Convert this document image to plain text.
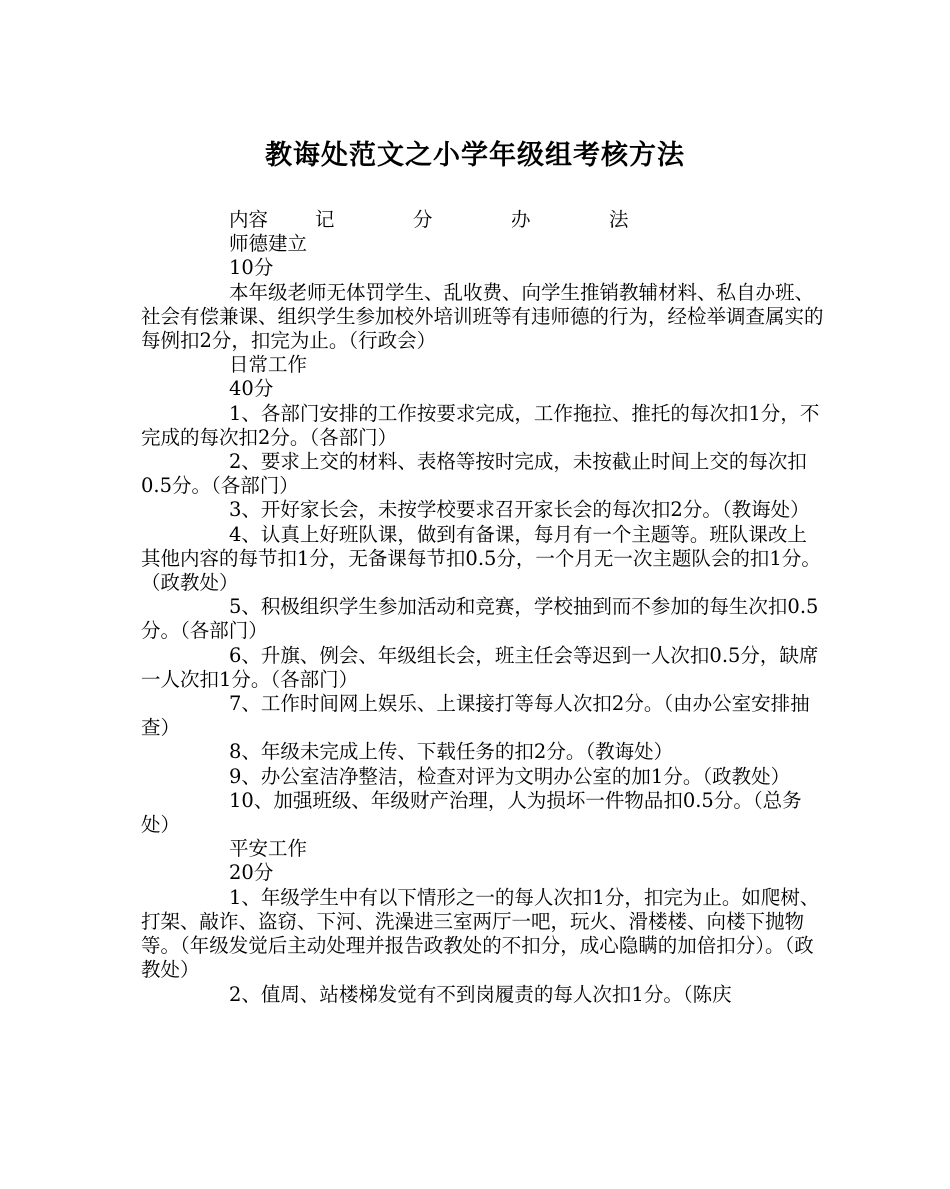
教诲处范文之小学年级组考核方法

内容 记	分	办	法

师德建立

10分

本年级老师无体罚学生、乱收费、向学生推销教辅材料、私自办班、社会有偿兼课、组织学生参加校外培训班等有违师德的行为，经检举调查属实的每例扣2分，扣完为止。（行政会）

日常工作

40分

1、各部门安排的工作按要求完成，工作拖拉、推托的每次扣1分，不完成的每次扣2分。（各部门）

2、要求上交的材料、表格等按时完成，未按截止时间上交的每次扣0.5分。（各部门）

3、开好家长会，未按学校要求召开家长会的每次扣2分。（教诲处）

4、认真上好班队课，做到有备课，每月有一个主题等。班队课改上其他内容的每节扣1分，无备课每节扣0.5分，一个月无一次主题队会的扣1分。（政教处）

5、积极组织学生参加活动和竞赛，学校抽到而不参加的每生次扣0.5分。（各部门）

6、升旗、例会、年级组长会，班主任会等迟到一人次扣0.5分，缺席一人次扣1分。（各部门）

7、工作时间网上娱乐、上课接打等每人次扣2分。（由办公室安排抽查）

8、年级未完成上传、下载任务的扣2分。（教诲处）

9、办公室洁净整洁，检查对评为文明办公室的加1分。（政教处）

10、加强班级、年级财产治理，人为损坏一件物品扣0.5分。（总务处）

平安工作

20分

1、年级学生中有以下情形之一的每人次扣1分，扣完为止。如爬树、打架、敲诈、盗窃、下河、洗澡进三室两厅一吧，玩火、滑楼楼、向楼下抛物等。（年级发觉后主动处理并报告政教处的不扣分，成心隐瞒的加倍扣分）。（政教处）

2、值周、站楼梯发觉有不到岗履责的每人次扣1分。（陈庆
